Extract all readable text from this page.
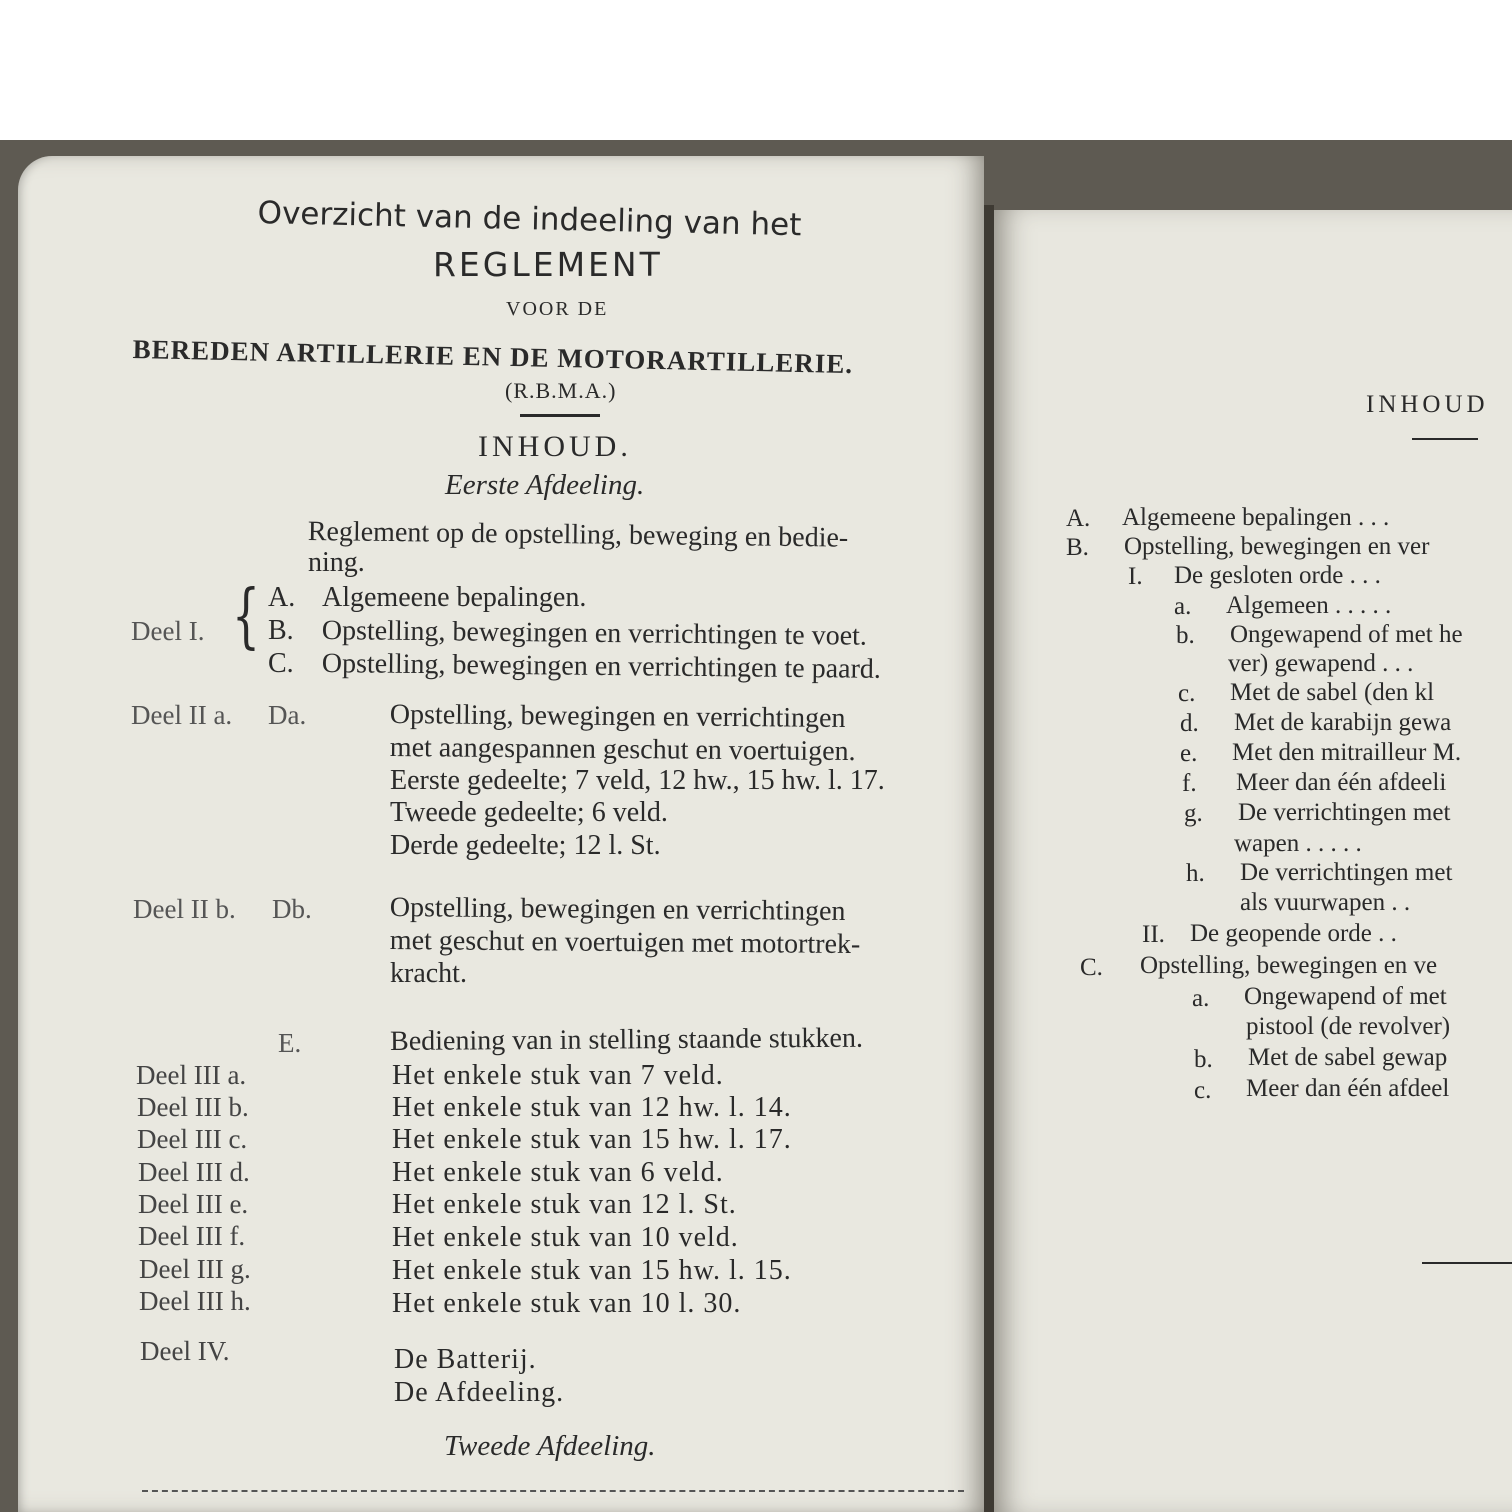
Overzicht van de indeeling van het
REGLEMENT
VOOR DE
BEREDEN ARTILLERIE EN DE MOTORARTILLERIE.
(R.B.M.A.)
INHOUD.
Eerste Afdeeling.
Reglement op de opstelling, beweging en bedie-
ning.
Deel I. { A. Algemeene bepalingen.
B. Opstelling, bewegingen en verrichtingen te voet.
C. Opstelling, bewegingen en verrichtingen te paard.
Deel II a. Da.	Opstelling, bewegingen en verrichtingen
met aangespannen geschut en voertuigen.
Eerste gedeelte; 7 veld, 12 hw., 15 hw. l. 17.
Tweede gedeelte; 6 veld.
Derde gedeelte; 12 l. St.
Deel II b. Db.	Opstelling, bewegingen en verrichtingen
met geschut en voertuigen met motortrek-
kracht.
E.	Bediening van in stelling staande stukken.
Deel III a.	Het enkele stuk van 7 veld.
Deel III b.	Het enkele stuk van 12 hw. l. 14.
Deel III c.	Het enkele stuk van 15 hw. l. 17.
Deel III d.	Het enkele stuk van 6 veld.
Deel III e.	Het enkele stuk van 12 l. St.
Deel III f.	Het enkele stuk van 10 veld.
Deel III g.	Het enkele stuk van 15 hw. l. 15.
Deel III h.	Het enkele stuk van 10 l. 30.
Deel IV.	De Batterij.
De Afdeeling.
Tweede Afdeeling.
INHOUD
A. Algemeene bepalingen . . .
B. Opstelling, bewegingen en ver
I. De gesloten orde . . .
a. Algemeen . . . . .
b. Ongewapend of met he
ver) gewapend . . .
c. Met de sabel (den kl
d. Met de karabijn gewa
e. Met den mitrailleur M.
f. Meer dan één afdeeli
g. De verrichtingen met
wapen . . . . .
h. De verrichtingen met
als vuurwapen . .
II. De geopende orde . .
C. Opstelling, bewegingen en ve
a. Ongewapend of met
pistool (de revolver)
b. Met de sabel gewap
c. Meer dan één afdeel
